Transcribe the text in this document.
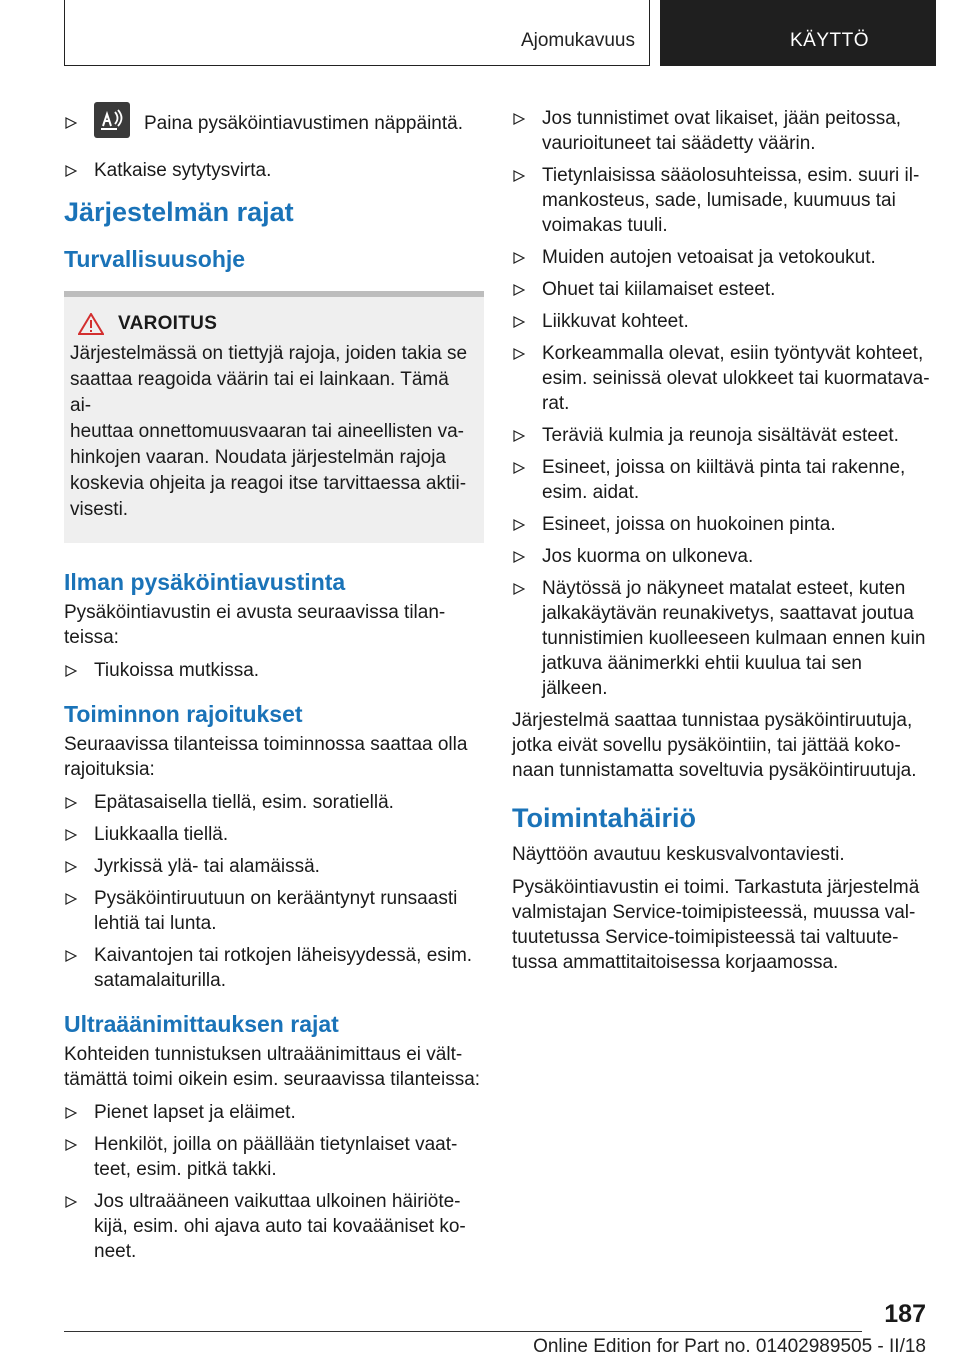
Ajomukavuus	KÄYTTÖ
Paina pysäköintiavustimen näppäintä.
Katkaise sytytysvirta.
Järjestelmän rajat
Turvallisuusohje
VAROITUS
Järjestelmässä on tiettyjä rajoja, joiden takia se
saattaa reagoida väärin tai ei lainkaan. Tämä ai-
heuttaa onnettomuusvaaran tai aineellisten va-
hinkojen vaaran. Noudata järjestelmän rajoja
koskevia ohjeita ja reagoi itse tarvittaessa aktii-
visesti.
Ilman pysäköintiavustinta
Pysäköintiavustin ei avusta seuraavissa tilan-
teissa:
Tiukoissa mutkissa.
Toiminnon rajoitukset
Seuraavissa tilanteissa toiminnossa saattaa olla
rajoituksia:
Epätasaisella tiellä, esim. soratiellä.
Liukkaalla tiellä.
Jyrkissä ylä- tai alamäissä.
Pysäköintiruutuun on kerääntynyt runsaasti
lehtiä tai lunta.
Kaivantojen tai rotkojen läheisyydessä, esim.
satamalaiturilla.
Ultraäänimittauksen rajat
Kohteiden tunnistuksen ultraäänimittaus ei vält-
tämättä toimi oikein esim. seuraavissa tilanteissa:
Pienet lapset ja eläimet.
Henkilöt, joilla on päällään tietynlaiset vaat-
teet, esim. pitkä takki.
Jos ultraääneen vaikuttaa ulkoinen häiriöte-
kijä, esim. ohi ajava auto tai kovaääniset ko-
neet.
Jos tunnistimet ovat likaiset, jään peitossa,
vaurioituneet tai säädetty väärin.
Tietynlaisissa sääolosuhteissa, esim. suuri il-
mankosteus, sade, lumisade, kuumuus tai
voimakas tuuli.
Muiden autojen vetoaisat ja vetokoukut.
Ohuet tai kiilamaiset esteet.
Liikkuvat kohteet.
Korkeammalla olevat, esiin työntyvät kohteet,
esim. seinissä olevat ulokkeet tai kuormatava-
rat.
Teräviä kulmia ja reunoja sisältävät esteet.
Esineet, joissa on kiiltävä pinta tai rakenne,
esim. aidat.
Esineet, joissa on huokoinen pinta.
Jos kuorma on ulkoneva.
Näytössä jo näkyneet matalat esteet, kuten
jalkakäytävän reunakivetys, saattavat joutua
tunnistimien kuolleeseen kulmaan ennen kuin
jatkuva äänimerkki ehtii kuulua tai sen jälkeen.
Järjestelmä saattaa tunnistaa pysäköintiruutuja,
jotka eivät sovellu pysäköintiin, tai jättää koko-
naan tunnistamatta soveltuvia pysäköintiruutuja.
Toimintahäiriö
Näyttöön avautuu keskusvalvontaviesti.
Pysäköintiavustin ei toimi. Tarkastuta järjestelmä
valmistajan Service-toimipisteessä, muussa val-
tuutetussa Service-toimipisteessä tai valtuute-
tussa ammattitaitoisessa korjaamossa.
187
Online Edition for Part no. 01402989505 - II/18
